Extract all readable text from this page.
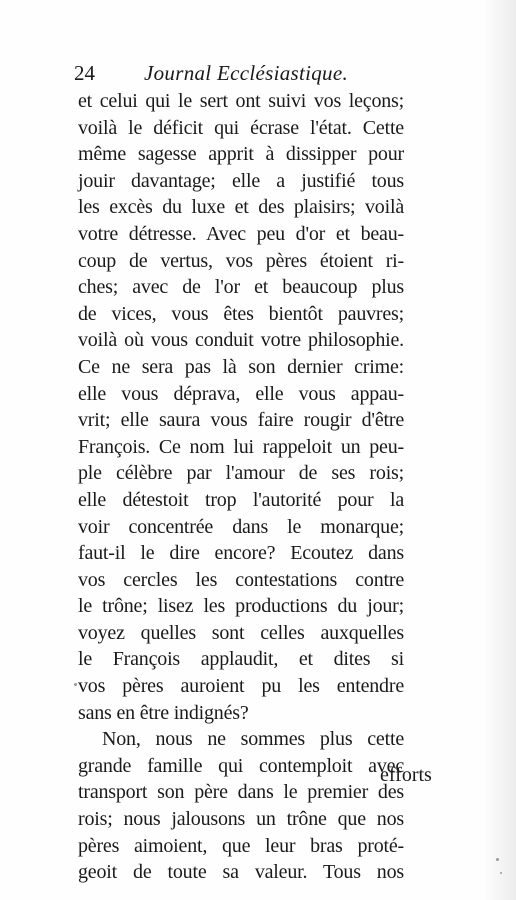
24 Journal Ecclésiastique.
et celui qui le sert ont suivi vos leçons;
voilà le déficit qui écrase l'état. Cette
même sagesse apprit à dissipper pour
jouir davantage; elle a justifié tous
les excès du luxe et des plaisirs; voilà
votre détresse. Avec peu d'or et beau-
coup de vertus, vos pères étoient ri-
ches; avec de l'or et beaucoup plus
de vices, vous êtes bientôt pauvres;
voilà où vous conduit votre philosophie.
Ce ne sera pas là son dernier crime:
elle vous déprava, elle vous appau-
vrit; elle saura vous faire rougir d'être
François. Ce nom lui rappeloit un peu-
ple célèbre par l'amour de ses rois;
elle détestoit trop l'autorité pour la
voir concentrée dans le monarque;
faut-il le dire encore? Ecoutez dans
vos cercles les contestations contre
le trône; lisez les productions du jour;
voyez quelles sont celles auxquelles
le François applaudit, et dites si
vos pères auroient pu les entendre
sans en être indignés?
Non, nous ne sommes plus cette
grande famille qui contemploit avec
transport son père dans le premier des
rois; nous jalousons un trône que nos
pères aimoient, que leur bras proté-
geoit de toute sa valeur. Tous nos
efforts
